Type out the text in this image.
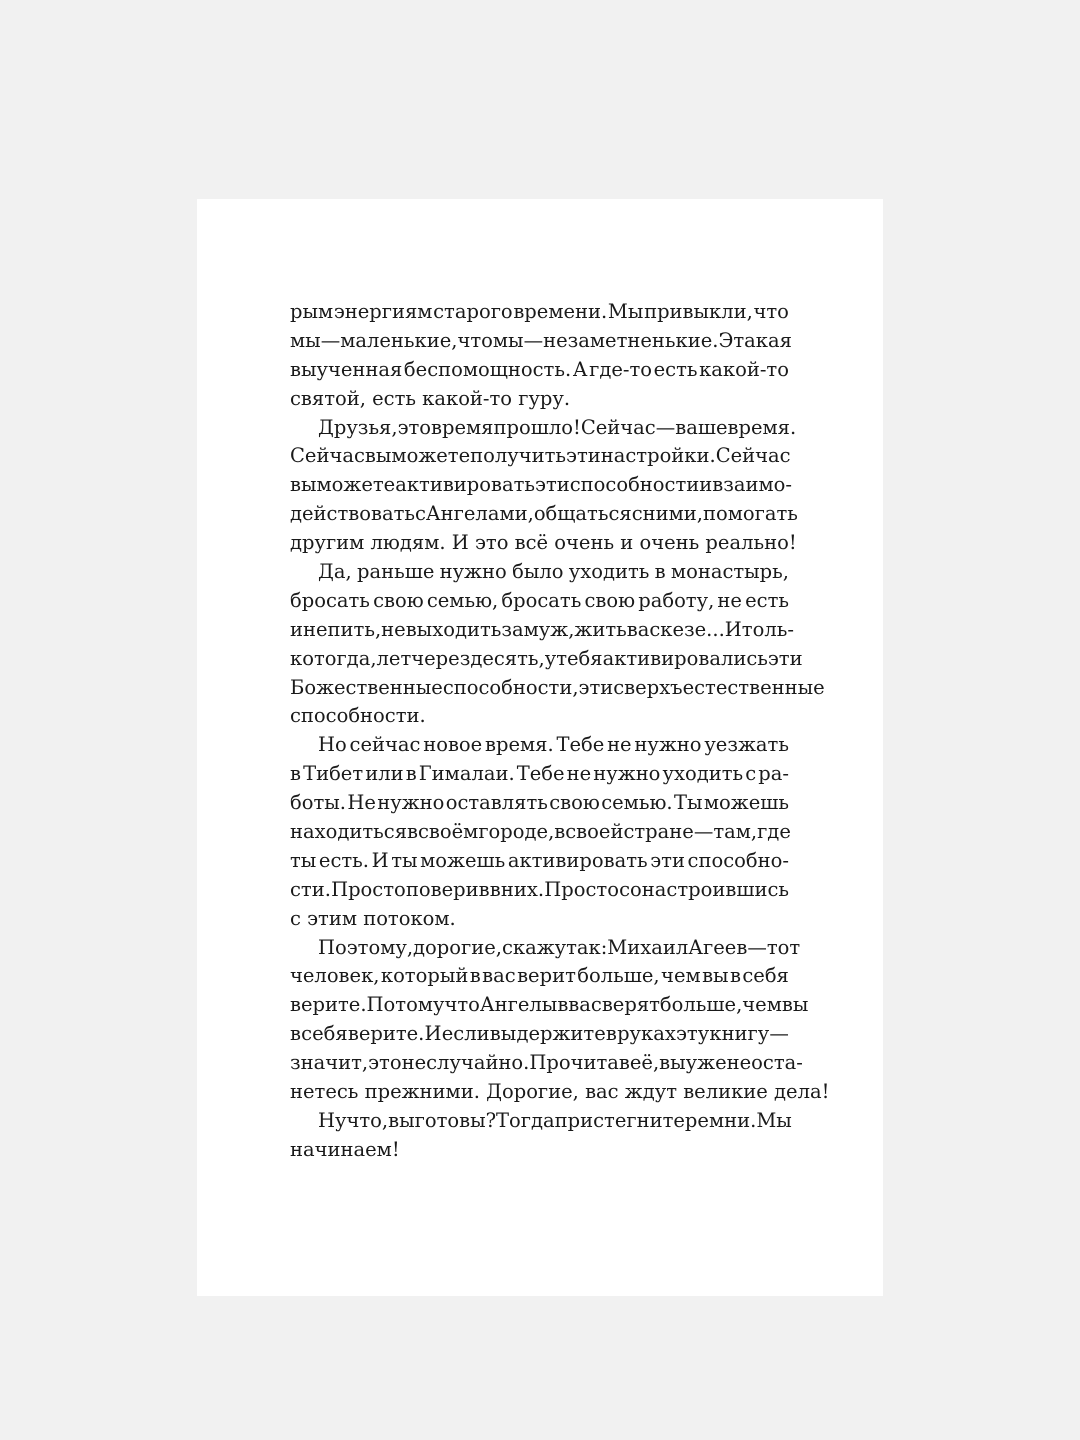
рым энергиям старого времени. Мы привыкли, что
мы — маленькие, что мы — незаметненькие. Этакая
выученная беспомощность. А где-то есть какой-то
святой, есть какой-то гуру.
Друзья, это время прошло! Сейчас — ваше время.
Сейчас вы можете получить эти настройки. Сейчас
вы можете активировать эти способности и взаимо-
действовать с Ангелами, общаться с ними, помогать
другим людям. И это всё очень и очень реально!
Да, раньше нужно было уходить в монастырь,
бросать свою семью, бросать свою работу, не есть
и не пить, не выходить замуж, жить в аскезе... И толь-
ко тогда, лет через десять, у тебя активировались эти
Божественные способности, эти сверхъестественные
способности.
Но сейчас новое время. Тебе не нужно уезжать
в Тибет или в Гималаи. Тебе не нужно уходить с ра-
боты. Не нужно оставлять свою семью. Ты можешь
находиться в своём городе, в своей стране — там, где
ты есть. И ты можешь активировать эти способно-
сти. Просто поверив в них. Просто сонастроившись
с этим потоком.
Поэтому, дорогие, скажу так: Михаил Агеев — тот
человек, который в вас верит больше, чем вы в себя
верите. Потому что Ангелы в вас верят больше, чем вы
в себя верите. И если вы держите в руках эту книгу —
значит, это не случайно. Прочитав её, вы уже не оста-
нетесь прежними. Дорогие, вас ждут великие дела!
Ну что, вы готовы? Тогда пристегните ремни. Мы
начинаем!
